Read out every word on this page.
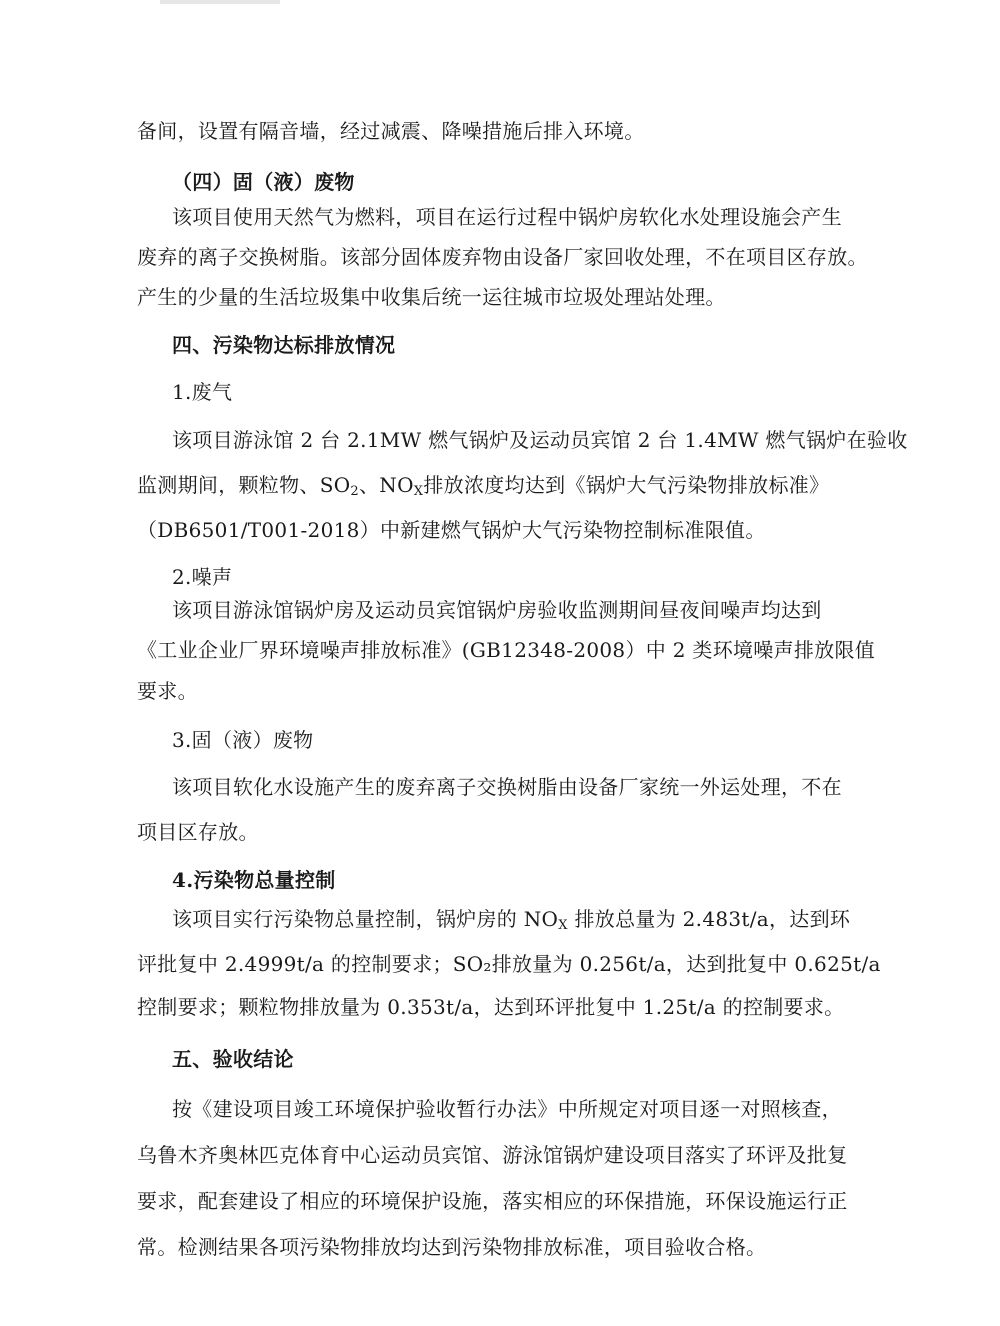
备间，设置有隔音墙，经过减震、降噪措施后排入环境。
（四）固（液）废物
该项目使用天然气为燃料，项目在运行过程中锅炉房软化水处理设施会产生
废弃的离子交换树脂。该部分固体废弃物由设备厂家回收处理，不在项目区存放。
产生的少量的生活垃圾集中收集后统一运往城市垃圾处理站处理。
四、污染物达标排放情况
1.废气
该项目游泳馆 2 台 2.1MW 燃气锅炉及运动员宾馆 2 台 1.4MW 燃气锅炉在验收
监测期间，颗粒物、$SO_2$、$NO_X$排放浓度均达到《锅炉大气污染物排放标准》
（DB6501/T001-2018）中新建燃气锅炉大气污染物控制标准限值。
2.噪声
该项目游泳馆锅炉房及运动员宾馆锅炉房验收监测期间昼夜间噪声均达到
《工业企业厂界环境噪声排放标准》(GB12348-2008）中 2 类环境噪声排放限值
要求。
3.固（液）废物
该项目软化水设施产生的废弃离子交换树脂由设备厂家统一外运处理，不在
项目区存放。
4.污染物总量控制
该项目实行污染物总量控制，锅炉房的 $NO_X$ 排放总量为 2.483t/a，达到环
评批复中 2.4999t/a 的控制要求；SO₂排放量为 0.256t/a，达到批复中 0.625t/a
控制要求；颗粒物排放量为 0.353t/a，达到环评批复中 1.25t/a 的控制要求。
五、验收结论
按《建设项目竣工环境保护验收暂行办法》中所规定对项目逐一对照核查，
乌鲁木齐奥林匹克体育中心运动员宾馆、游泳馆锅炉建设项目落实了环评及批复
要求，配套建设了相应的环境保护设施，落实相应的环保措施，环保设施运行正
常。检测结果各项污染物排放均达到污染物排放标准，项目验收合格。
